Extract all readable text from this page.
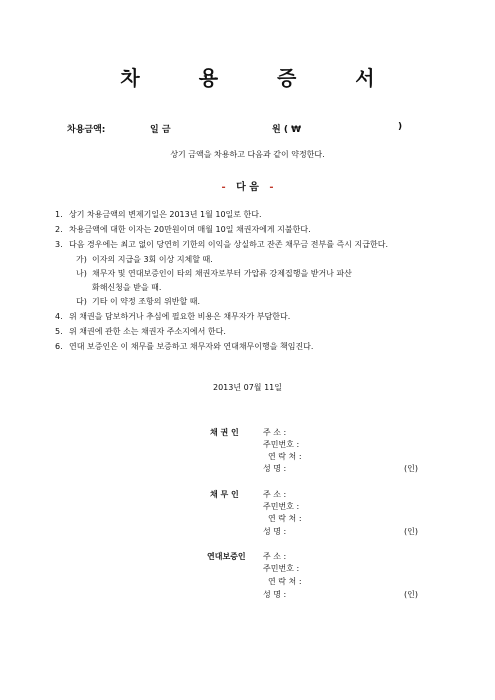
차 용 증 서
차용금액:	일 금	원 ( ₩	)
상기 금액을 차용하고 다음과 같이 약정한다.
- 다 음 -
1. 상기 차용금액의 변제기일은 2013년 1월 10일로 한다.
2. 차용금액에 대한 이자는 20만원이며 매월 10일 채권자에게 지불한다.
3. 다음 경우에는 최고 없이 당연히 기한의 이익을 상실하고 잔존 채무금 전부를 즉시 지급한다.
가) 이자의 지급을 3회 이상 지체할 때.
나) 채무자 및 연대보증인이 타의 채권자로부터 가압류 강제집행을 받거나 파산
화해신청을 받을 때.
다) 기타 이 약정 조항의 위반할 때.
4. 위 채권을 담보하거나 추심에 필요한 비용은 채무자가 부담한다.
5. 위 채권에 관한 소는 채권자 주소지에서 한다.
6. 연대 보증인은 이 채무를 보증하고 채무자와 연대채무이행을 책임진다.
2013년 07월 11일
채 권 인	주 소 :
주민번호 :
연 락 처 :
성 명 :	(인)
채 무 인	주 소 :
주민번호 :
연 락 처 :
성 명 :	(인)
연대보증인 주 소 :
주민번호 :
연 락 처 :
성 명 :	(인)
